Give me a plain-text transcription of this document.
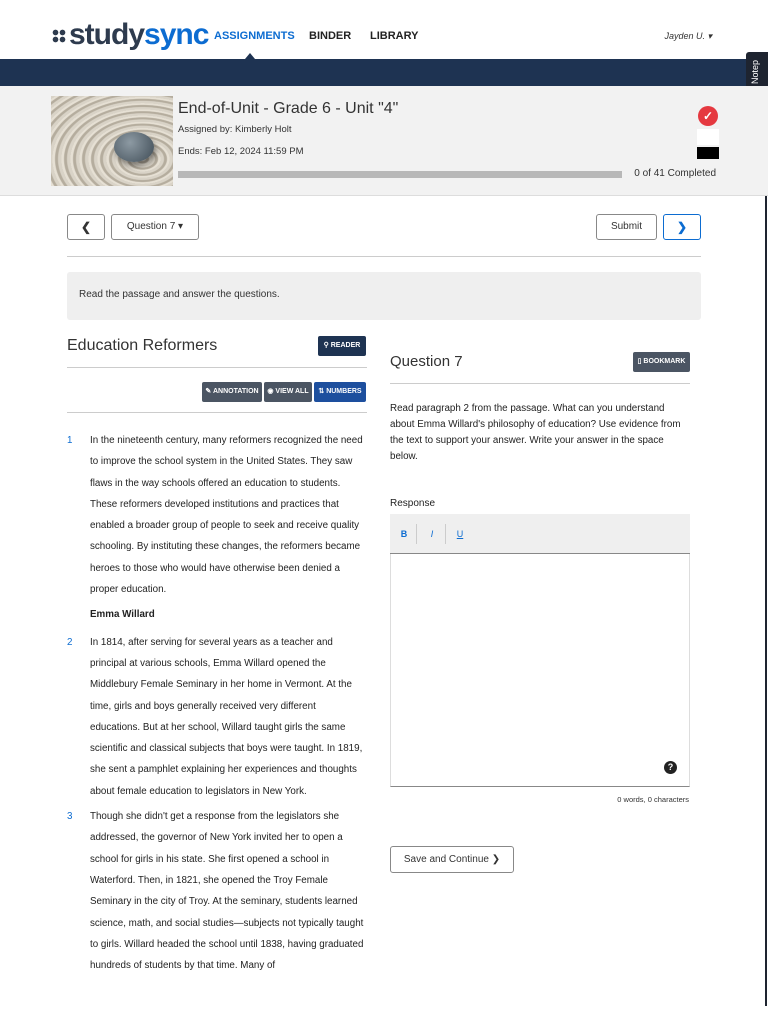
studysync ASSIGNMENTS BINDER LIBRARY	Jayden U. ▾
Notep
End-of-Unit - Grade 6 - Unit "4"
Assigned by: Kimberly Holt
Ends: Feb 12, 2024 11:59 PM
0 of 41 Completed
✓
❮	Question 7 ▾	Submit	❯
Read the passage and answer the questions.
Education Reformers	⚲ READER
✎ ANNOTATION	◉ VIEW ALL	⇅ NUMBERS
1 In the nineteenth century, many reformers recognized the need to improve the school system in the United States. They saw flaws in the way schools offered an education to students. These reformers developed institutions and practices that enabled a broader group of people to seek and receive quality schooling. By instituting these changes, the reformers became heroes to those who would have otherwise been denied a proper education.
Emma Willard
2 In 1814, after serving for several years as a teacher and principal at various schools, Emma Willard opened the Middlebury Female Seminary in her home in Vermont. At the time, girls and boys generally received very different educations. But at her school, Willard taught girls the same scientific and classical subjects that boys were taught. In 1819, she sent a pamphlet explaining her experiences and thoughts about female education to legislators in New York.
3 Though she didn't get a response from the legislators she addressed, the governor of New York invited her to open a school for girls in his state. She first opened a school in Waterford. Then, in 1821, she opened the Troy Female Seminary in the city of Troy. At the seminary, students learned science, math, and social studies—subjects not typically taught to girls. Willard headed the school until 1838, having graduated hundreds of students by that time. Many of
Question 7	▯ BOOKMARK
Read paragraph 2 from the passage. What can you understand about Emma Willard's philosophy of education? Use evidence from the text to support your answer. Write your answer in the space below.
Response
B	I	U
?
0 words, 0 characters
Save and Continue ❯
